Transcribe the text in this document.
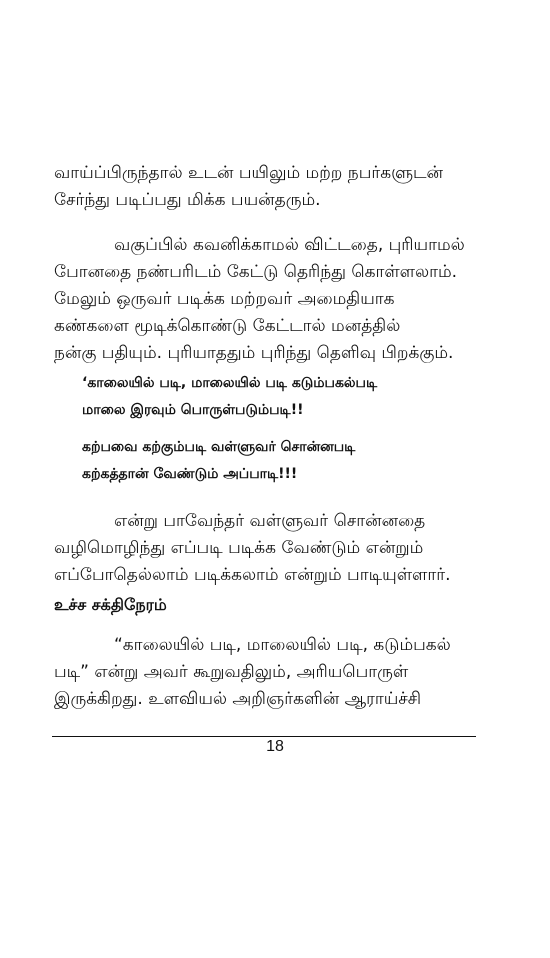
வாய்ப்பிருந்தால் உடன் பயிலும் மற்ற நபர்களுடன்
சேர்ந்து படிப்பது மிக்க பயன்தரும்.
வகுப்பில் கவனிக்காமல் விட்டதை, புரியாமல்
போனதை நண்பரிடம் கேட்டு தெரிந்து கொள்ளலாம்.
மேலும் ஒருவர் படிக்க மற்றவர் அமைதியாக
கண்களை மூடிக்கொண்டு கேட்டால் மனத்தில்
நன்கு பதியும். புரியாததும் புரிந்து தெளிவு பிறக்கும்.
‘காலையில் படி, மாலையில் படி கடும்பகல்படி
மாலை இரவும் பொருள்படும்படி!!
கற்பவை கற்கும்படி வள்ளுவர் சொன்னபடி
கற்கத்தான் வேண்டும் அப்பாடி!!!
என்று பாவேந்தர் வள்ளுவர் சொன்னதை
வழிமொழிந்து எப்படி படிக்க வேண்டும் என்றும்
எப்போதெல்லாம் படிக்கலாம் என்றும் பாடியுள்ளார்.
உச்ச சக்திநேரம்
“காலையில் படி, மாலையில் படி, கடும்பகல்
படி” என்று அவர் கூறுவதிலும், அரியபொருள்
இருக்கிறது. உளவியல் அறிஞர்களின் ஆராய்ச்சி
18
